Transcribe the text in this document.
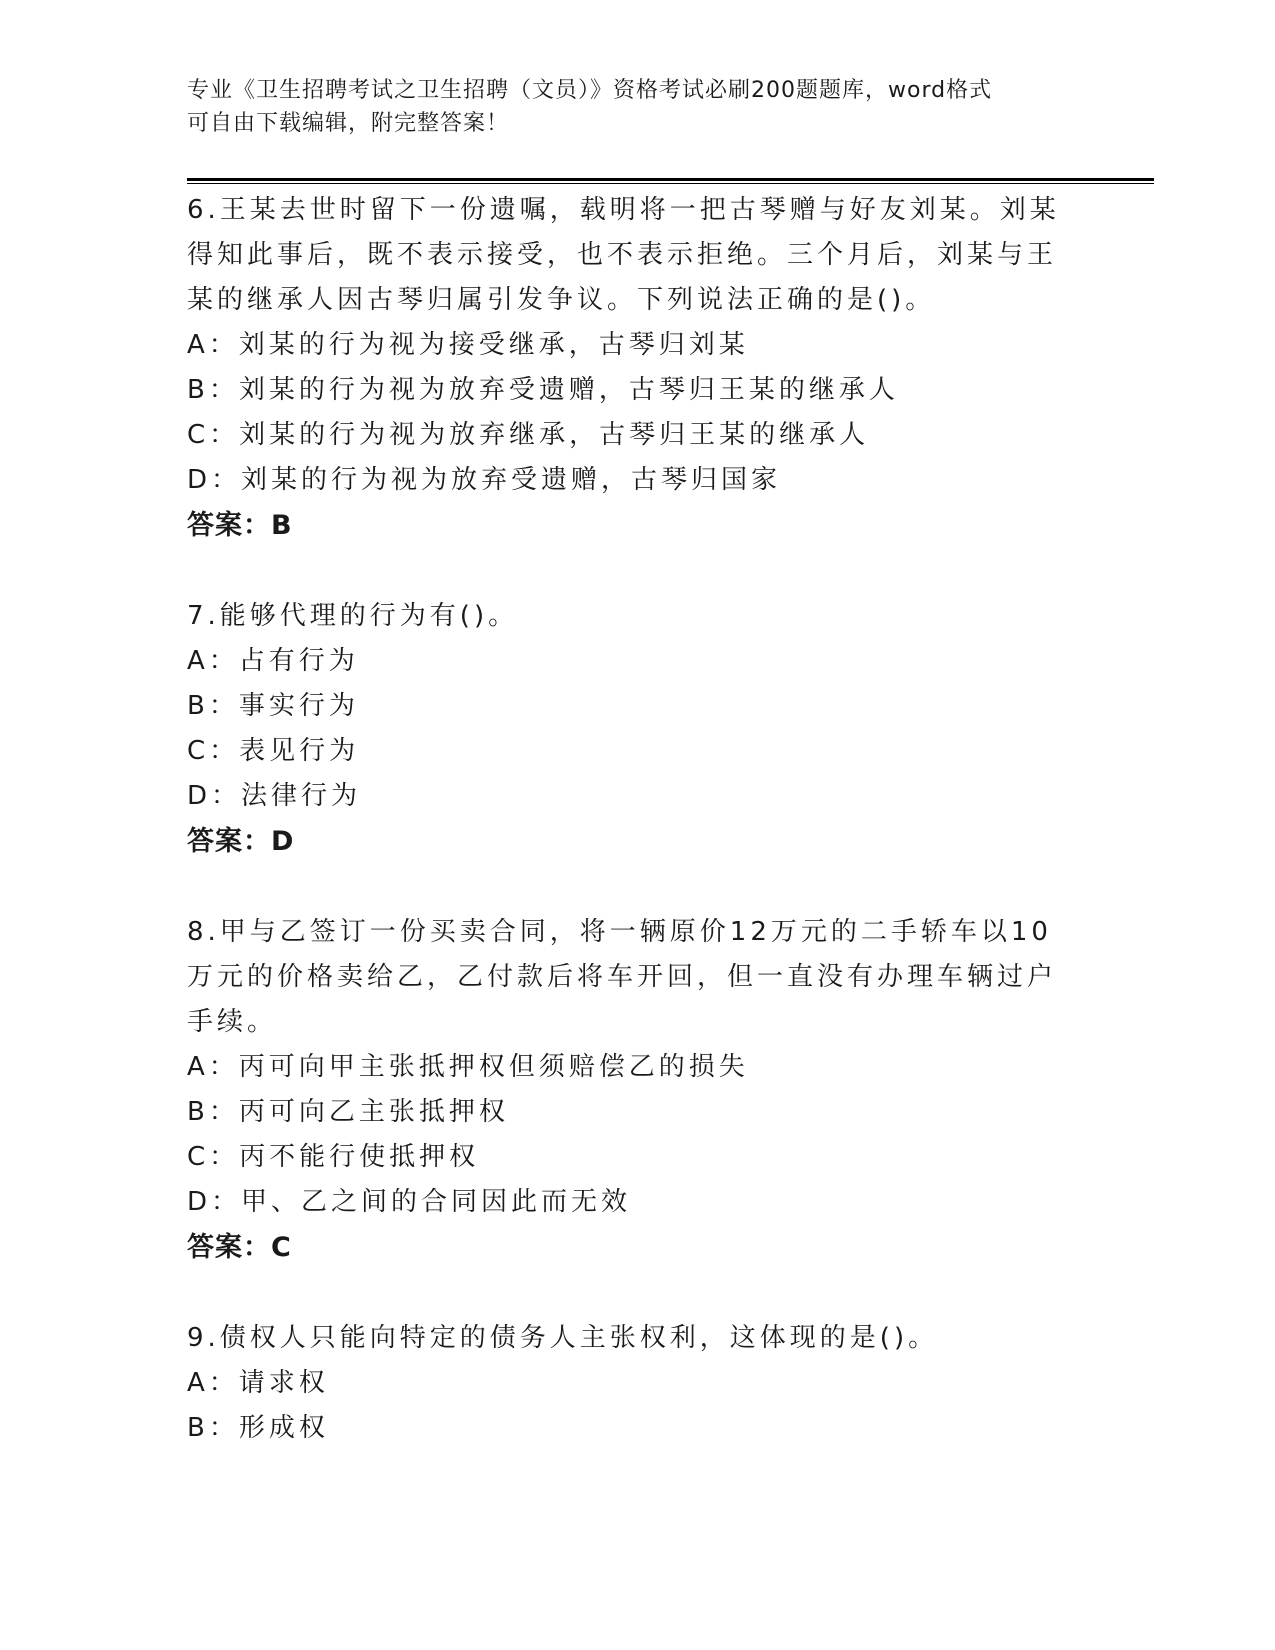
专业《卫生招聘考试之卫生招聘（文员）》资格考试必刷200题题库，word格式
可自由下载编辑，附完整答案！

6.王某去世时留下一份遗嘱，载明将一把古琴赠与好友刘某。刘某得知此事后，既不表示接受，也不表示拒绝。三个月后，刘某与王某的继承人因古琴归属引发争议。下列说法正确的是()。

A：刘某的行为视为接受继承，古琴归刘某

B：刘某的行为视为放弃受遗赠，古琴归王某的继承人

C：刘某的行为视为放弃继承，古琴归王某的继承人

D：刘某的行为视为放弃受遗赠，古琴归国家

答案：B

7.能够代理的行为有()。

A：占有行为

B：事实行为

C：表见行为

D：法律行为

答案：D

8.甲与乙签订一份买卖合同，将一辆原价12万元的二手轿车以10万元的价格卖给乙，乙付款后将车开回，但一直没有办理车辆过户手续。

A：丙可向甲主张抵押权但须赔偿乙的损失

B：丙可向乙主张抵押权

C：丙不能行使抵押权

D：甲、乙之间的合同因此而无效

答案：C

9.债权人只能向特定的债务人主张权利，这体现的是()。

A：请求权

B：形成权
